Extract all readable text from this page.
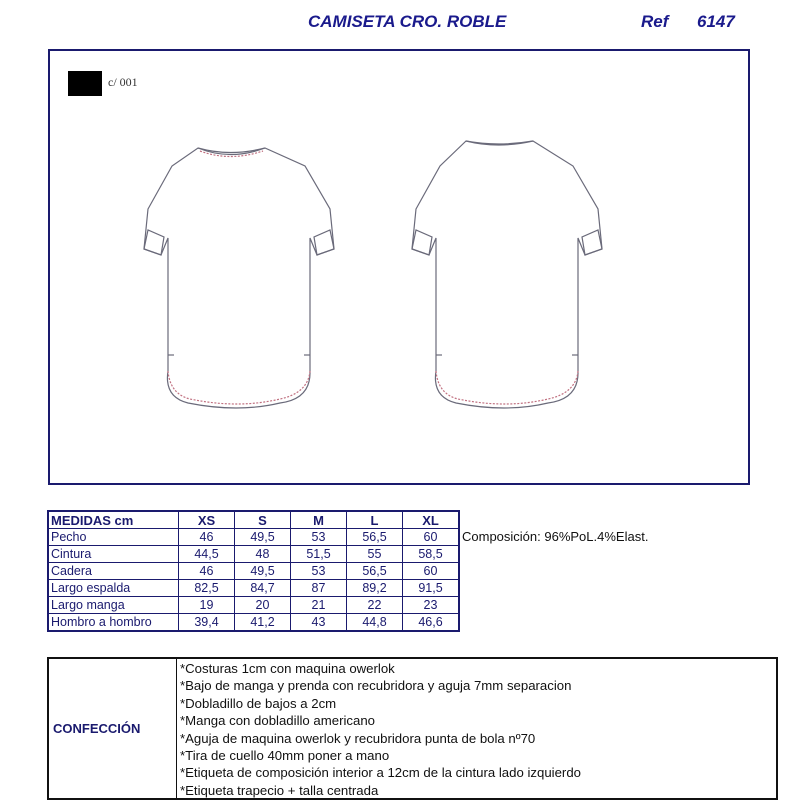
CAMISETA CRO. ROBLE	Ref 6147
c/ 001
MEDIDAS cm	XS	S	M	L	XL
Pecho	46	49,5	53	56,5	60
Cintura	44,5	48	51,5	55	58,5
Cadera	46	49,5	53	56,5	60
Largo espalda	82,5	84,7	87	89,2	91,5
Largo manga	19	20	21	22	23
Hombro a hombro	39,4	41,2	43	44,8	46,6
Composición: 96%PoL.4%Elast.
CONFECCIÓN
*Costuras 1cm con maquina owerlok
*Bajo de manga y prenda con recubridora y aguja 7mm separacion
*Dobladillo de bajos a 2cm
*Manga con dobladillo americano
*Aguja de maquina owerlok y recubridora punta de bola nº70
*Tira de cuello 40mm poner a mano
*Etiqueta de composición interior a 12cm de la cintura lado izquierdo
*Etiqueta trapecio + talla centrada
